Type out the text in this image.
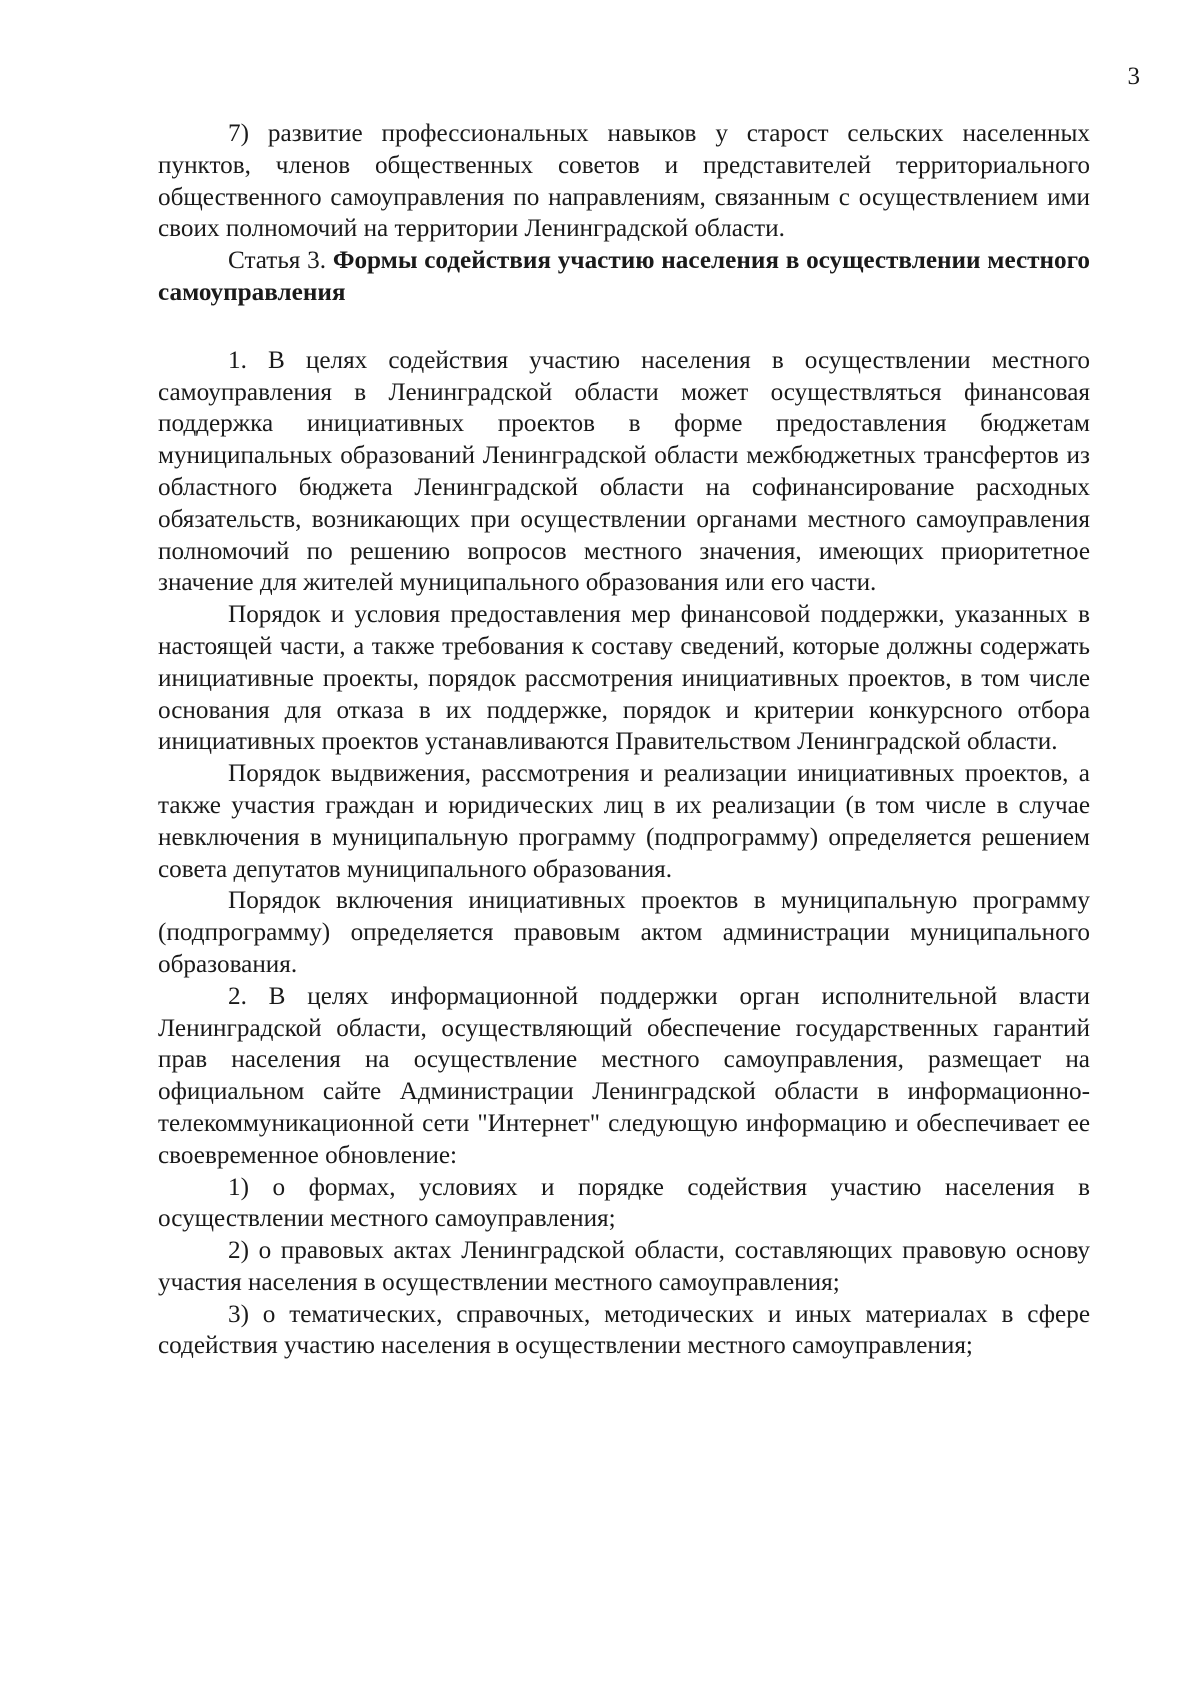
3

7) развитие профессиональных навыков у старост сельских населенных пунктов, членов общественных советов и представителей территориального общественного самоуправления по направлениям, связанным с осуществлением ими своих полномочий на территории Ленинградской области.

Статья 3. Формы содействия участию населения в осуществлении местного самоуправления

1. В целях содействия участию населения в осуществлении местного самоуправления в Ленинградской области может осуществляться финансовая поддержка инициативных проектов в форме предоставления бюджетам муниципальных образований Ленинградской области межбюджетных трансфертов из областного бюджета Ленинградской области на софинансирование расходных обязательств, возникающих при осуществлении органами местного самоуправления полномочий по решению вопросов местного значения, имеющих приоритетное значение для жителей муниципального образования или его части.

Порядок и условия предоставления мер финансовой поддержки, указанных в настоящей части, а также требования к составу сведений, которые должны содержать инициативные проекты, порядок рассмотрения инициативных проектов, в том числе основания для отказа в их поддержке, порядок и критерии конкурсного отбора инициативных проектов устанавливаются Правительством Ленинградской области.

Порядок выдвижения, рассмотрения и реализации инициативных проектов, а также участия граждан и юридических лиц в их реализации (в том числе в случае невключения в муниципальную программу (подпрограмму) определяется решением совета депутатов муниципального образования.

Порядок включения инициативных проектов в муниципальную программу (подпрограмму) определяется правовым актом администрации муниципального образования.

2. В целях информационной поддержки орган исполнительной власти Ленинградской области, осуществляющий обеспечение государственных гарантий прав населения на осуществление местного самоуправления, размещает на официальном сайте Администрации Ленинградской области в информационно-телекоммуникационной сети "Интернет" следующую информацию и обеспечивает ее своевременное обновление:

1) о формах, условиях и порядке содействия участию населения в осуществлении местного самоуправления;

2) о правовых актах Ленинградской области, составляющих правовую основу участия населения в осуществлении местного самоуправления;

3) о тематических, справочных, методических и иных материалах в сфере содействия участию населения в осуществлении местного самоуправления;
